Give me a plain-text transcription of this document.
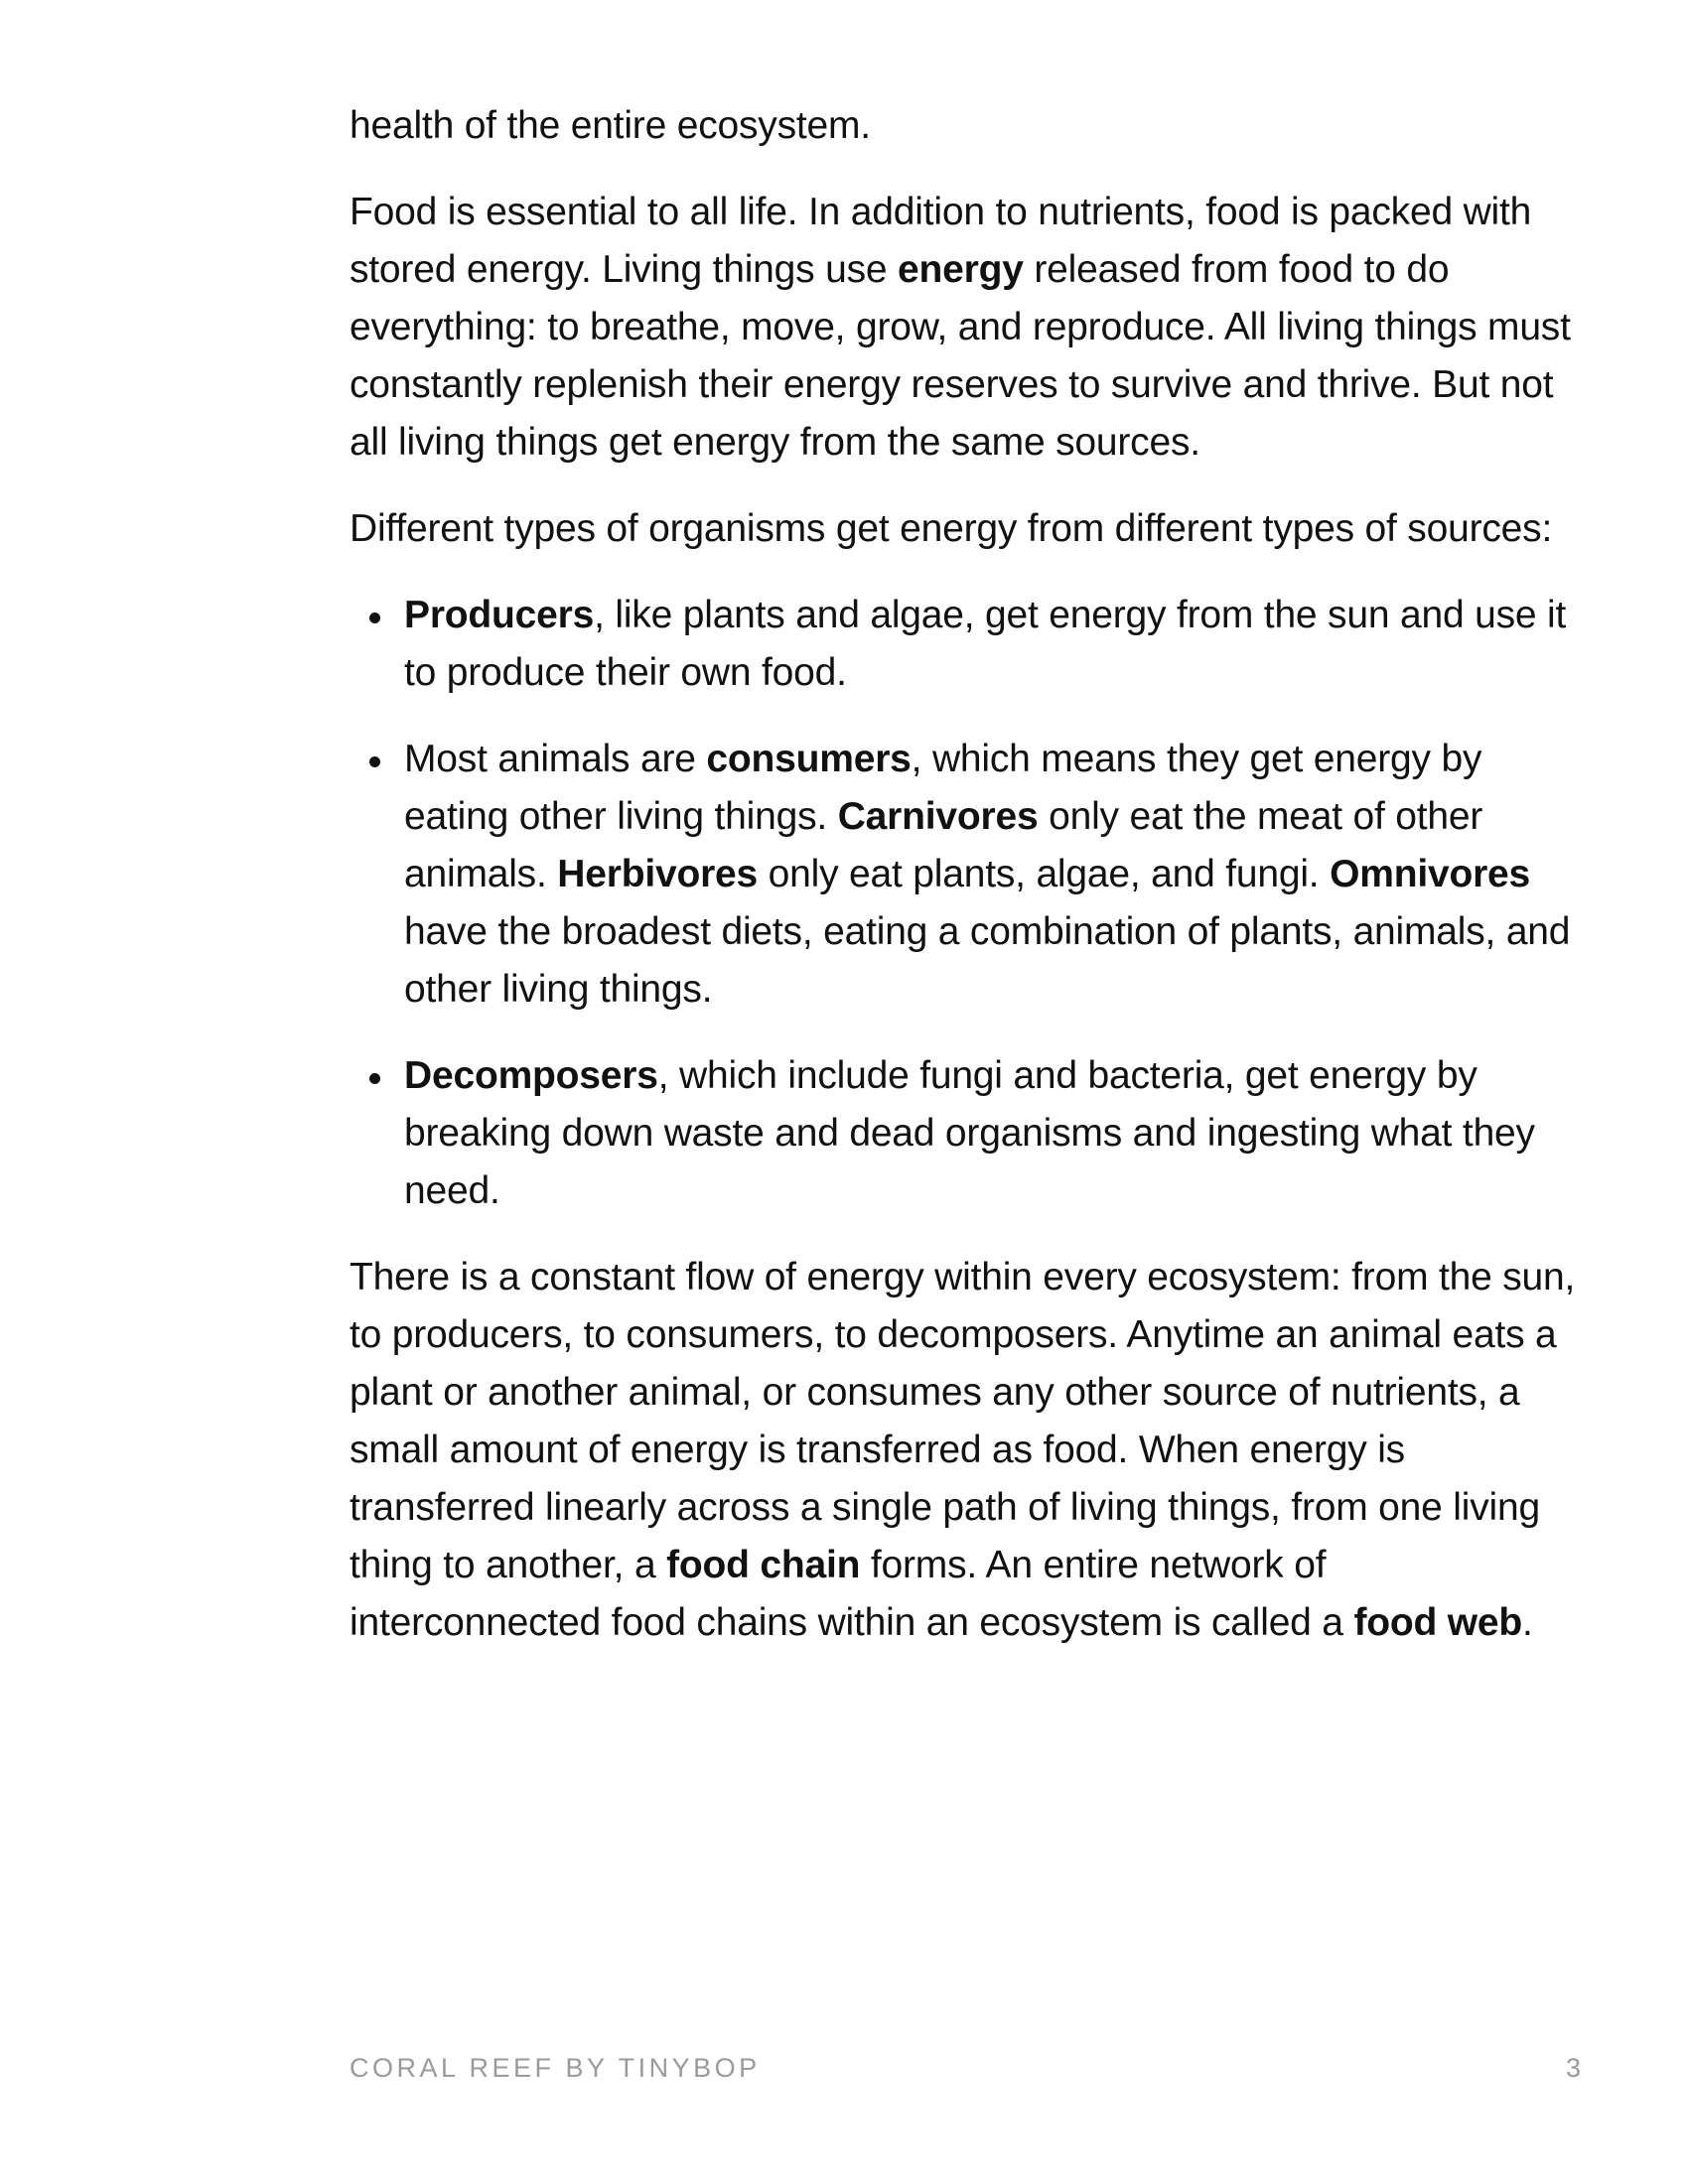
health of the entire ecosystem.

Food is essential to all life. In addition to nutrients, food is packed with stored energy. Living things use energy released from food to do everything: to breathe, move, grow, and reproduce. All living things must constantly replenish their energy reserves to survive and thrive. But not all living things get energy from the same sources.

Different types of organisms get energy from different types of sources:

Producers, like plants and algae, get energy from the sun and use it to produce their own food.
Most animals are consumers, which means they get energy by eating other living things. Carnivores only eat the meat of other animals. Herbivores only eat plants, algae, and fungi. Omnivores have the broadest diets, eating a combination of plants, animals, and other living things.
Decomposers, which include fungi and bacteria, get energy by breaking down waste and dead organisms and ingesting what they need.

There is a constant flow of energy within every ecosystem: from the sun, to producers, to consumers, to decomposers. Anytime an animal eats a plant or another animal, or consumes any other source of nutrients, a small amount of energy is transferred as food. When energy is transferred linearly across a single path of living things, from one living thing to another, a food chain forms. An entire network of interconnected food chains within an ecosystem is called a food web.

CORAL REEF BY TINYBOP	3
